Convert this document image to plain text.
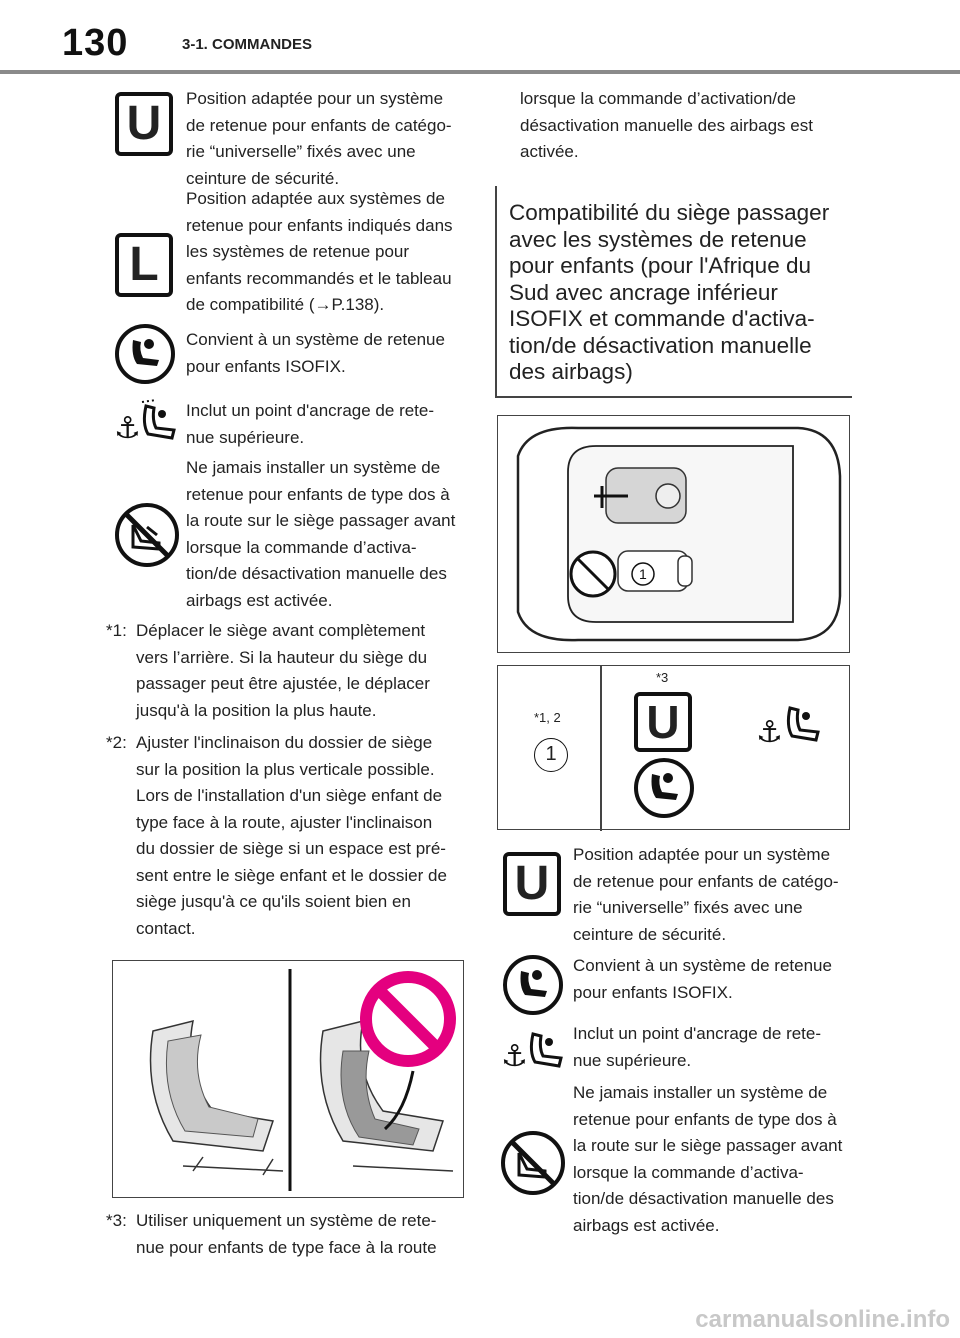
130	3-1. COMMANDES
U
L
⚓
Position adaptée pour un système
de retenue pour enfants de catégo-
rie “universelle” fixés avec une
ceinture de sécurité.
Position adaptée aux systèmes de
retenue pour enfants indiqués dans
les systèmes de retenue pour
enfants recommandés et le tableau
de compatibilité (→P.138).
Convient à un système de retenue
pour enfants ISOFIX.
Inclut un point d'ancrage de rete-
nue supérieure.
Ne jamais installer un système de
retenue pour enfants de type dos à
la route sur le siège passager avant
lorsque la commande d’activa-
tion/de désactivation manuelle des
airbags est activée.
*1: Déplacer le siège avant complètement
vers l’arrière. Si la hauteur du siège du
passager peut être ajustée, le déplacer
jusqu'à la position la plus haute.
*2: Ajuster l'inclinaison du dossier de siège
sur la position la plus verticale possible.
Lors de l'installation d'un siège enfant de
type face à la route, ajuster l'inclinaison
du dossier de siège si un espace est pré-
sent entre le siège enfant et le dossier de
siège jusqu'à ce qu'ils soient bien en
contact.
*3: Utiliser uniquement un système de rete-
nue pour enfants de type face à la route
lorsque la commande d’activation/de
désactivation manuelle des airbags est
activée.
Compatibilité du siège passager
avec les systèmes de retenue
pour enfants (pour l'Afrique du
Sud avec ancrage inférieur
ISOFIX et commande d'activa-
tion/de désactivation manuelle
des airbags)
1
*1, 2
1
*3
U	⚓
U
Position adaptée pour un système
de retenue pour enfants de catégo-
rie “universelle” fixés avec une
ceinture de sécurité.
Convient à un système de retenue
pour enfants ISOFIX.
⚓
Inclut un point d'ancrage de rete-
nue supérieure.
Ne jamais installer un système de
retenue pour enfants de type dos à
la route sur le siège passager avant
lorsque la commande d’activa-
tion/de désactivation manuelle des
airbags est activée.
carmanualsonline.info
